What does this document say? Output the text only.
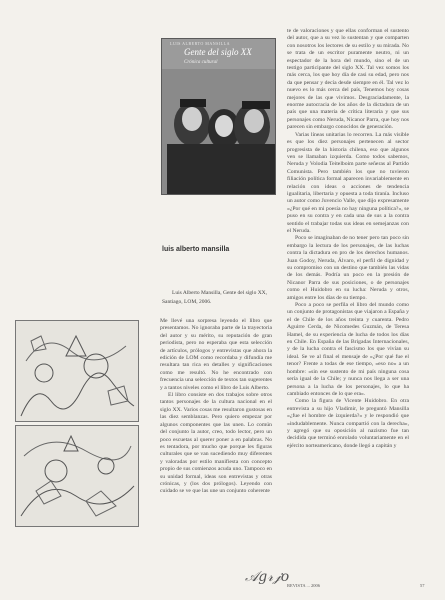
LUIS ALBERTO MANSILLA
Gente del siglo XX
Crónica cultural
luis alberto mansilla
Luis Alberto Mansilla, Gente del siglo XX,
Santiago, LOM, 2006.

Me llevé una sorpresa leyendo el libro que presentamos. No ignoraba parte de la trayectoria del autor y su mérito, su reputación de gran periodista, pero no esperaba que esta selección de artículos, prólogos y entrevistas que ahora la edición de LOM como recordaba y difundía me resultara tan rica en detalles y significaciones como me resultó. No he encontrado con frecuencia una selección de textos tan sugerentes y a tantos niveles como el libro de Luis Alberto.

El libro consiste en dos trabajos sobre otros tantos personajes de la cultura nacional en el siglo XX. Varios cosas me resultaron gustosas en las diez semblanzas. Pero quiero empezar por algunos componentes que las unen. Lo común del conjunto la autor, creo, todo lector, pero un poco escuetas al querer poner a en palabras. No es tentadora, por mucho que porque les figuras culturales que se van sucediendo muy diferentes y valoradas por estilo manifiesta con concepto propio de sus comienzos acuda uno. Tampoco en su unidad formal, ideas son entrevistas y otras crónicas, y (los dos prólogos). Leyendo con cuidado se ve que las une un conjunto coherente

te de valoraciones y que ellas conforman el sustento del autor, que a su vez lo sustentan y que comparten con nosotros los lectores de su estilo y su mirada. No se trata de un escritor puramente neutro, ni un espectador de la hora del mundo, sino el de un testigo participante del siglo XX. Tal vez somos los más cerca, los que hoy día de casi su edad, pero nos da que pensar y decía desde siempre en él. Tal vez lo nuevo es lo más cerca del país, Tenemos hoy cosas mejores de las que vivimos. Desgraciadamente, la enorme autocracia de los años de la dictadura de un país que una materia de crítica literaria y que sus personajes como Neruda, Nicanor Parra, que hoy nos parecen sin embargo conocidos de generación.

Varias líneas unitarias lo recorren. La más visible es que los diez personajes pertenecen al sector progresista de la historia chilena, eso que algunos ven se llamaban izquierda. Como todos sabemos, Neruda y Volodia Teitelboim parte señeras al Partido Comunista. Pero también los que no tuvieron filiación política formal aparecen invariablemente en relación con ideas o acciones de tendencia igualitaria, libertaria y opuesta a toda tiranía. Incluso un autor como Juvencio Valle, que dijo expresamente «¿Por qué en mi poesía no hay ninguna política?», se puso en su contra y en cada una de sus a la contra sentido el trabajar todas sus ideas en semejanzas con el Neruda.

Poco se imaginaban de no tener pero tan poco sin embargo la lectura de los personajes, de las luchas contra la dictadura en pro de los derechos humanos. Juan Godoy, Neruda, Álvaro, el perfil de dignidad y su compromiso con un destino que también las vidas de los demás. Podría un poco en la presión de Nicanor Parra de sus posiciones, o de personajes como el Huidobro en su lucha: Neruda y otros, amigos entre los días de su tiempo.

Poco a poco se perfila el libro del mundo como un conjunto de protagonistas que viajaron a España y el de Chile de los años treinta y cuarenta. Pedro Aguirre Cerda, de Nicomedes Guzmán, de Teresa Hamel, de su experiencia de lucha de todos los días en Chile. En España de las Brigadas Internacionales, y de la lucha contra el fascismo los que vivían su ideal. Se ve al final el mensaje de «¿Por qué fue el tenor? Frente a todas de ese tiempo, «eso no» a un hombre: «sin ese sustento de mi país ninguna cosa sería igual de la Chile; y nunca nos llega a ser una persona a la lucha de los personajes, lo que ha cambiado entonces de lo que era».

Como la figura de Vicente Huidobro. En otra entrevista a su hijo Vladimir, le preguntó Mansilla «¿fue el hombre de izquierda?» y le respondió que «indudablemente. Nunca compartió con la derecha», y agregó que su oposición al nazismo fue tan decidida que terminó enrolado voluntariamente en el ejército norteamericano, donde llegó a capitán y

𝒜𝑔𝓇𝒿𝑜
REVISTA ... 2006	57
